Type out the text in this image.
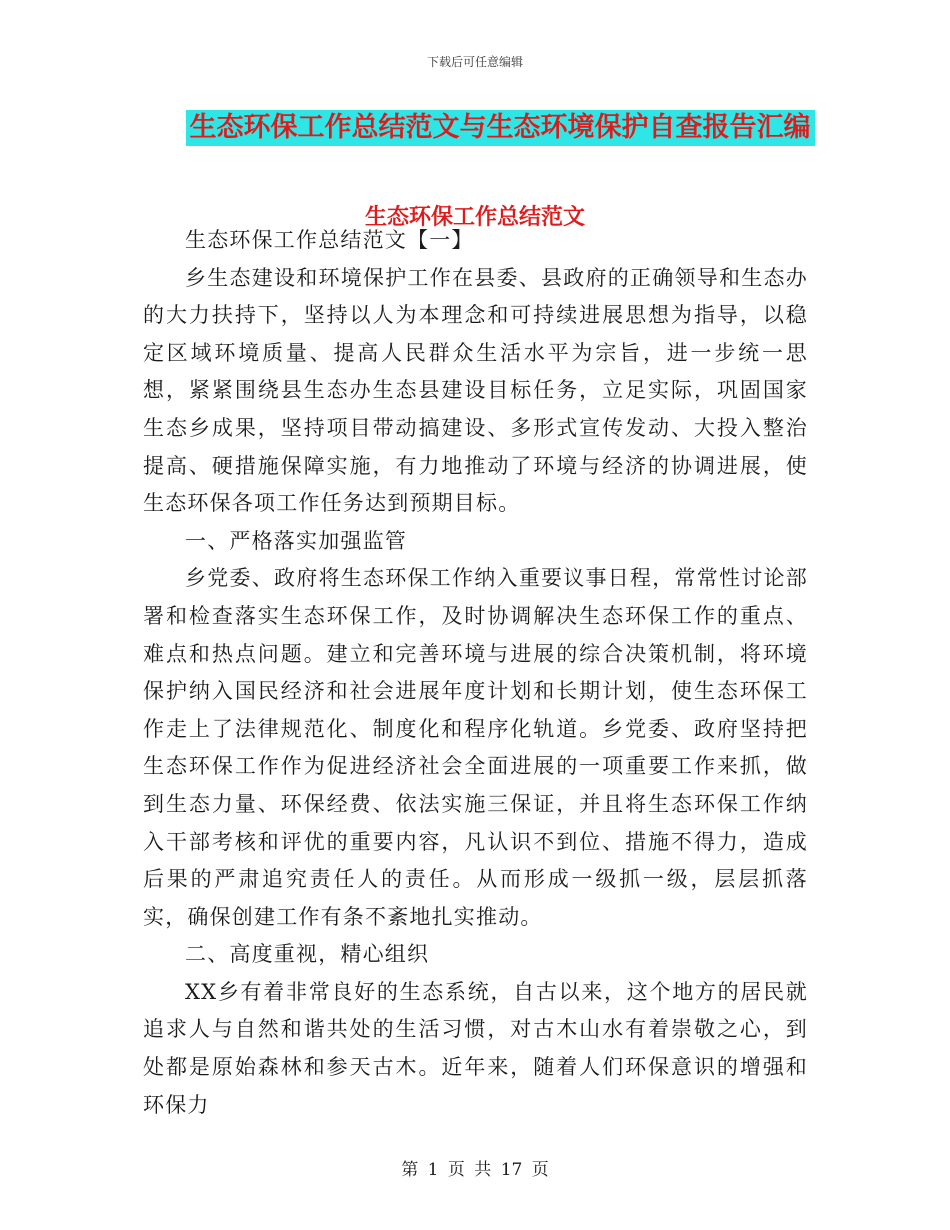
下载后可任意编辑
生态环保工作总结范文与生态环境保护自查报告汇编
生态环保工作总结范文

生态环保工作总结范文【一】

乡生态建设和环境保护工作在县委、县政府的正确领导和生态办的大力扶持下，坚持以人为本理念和可持续进展思想为指导，以稳定区域环境质量、提高人民群众生活水平为宗旨，进一步统一思想，紧紧围绕县生态办生态县建设目标任务，立足实际，巩固国家生态乡成果，坚持项目带动搞建设、多形式宣传发动、大投入整治提高、硬措施保障实施，有力地推动了环境与经济的协调进展，使生态环保各项工作任务达到预期目标。

一、严格落实加强监管

乡党委、政府将生态环保工作纳入重要议事日程，常常性讨论部署和检查落实生态环保工作，及时协调解决生态环保工作的重点、难点和热点问题。建立和完善环境与进展的综合决策机制，将环境保护纳入国民经济和社会进展年度计划和长期计划，使生态环保工作走上了法律规范化、制度化和程序化轨道。乡党委、政府坚持把生态环保工作作为促进经济社会全面进展的一项重要工作来抓，做到生态力量、环保经费、依法实施三保证，并且将生态环保工作纳入干部考核和评优的重要内容，凡认识不到位、措施不得力，造成后果的严肃追究责任人的责任。从而形成一级抓一级，层层抓落实，确保创建工作有条不紊地扎实推动。

二、高度重视，精心组织

XX乡有着非常良好的生态系统，自古以来，这个地方的居民就追求人与自然和谐共处的生活习惯，对古木山水有着崇敬之心，到处都是原始森林和参天古木。近年来，随着人们环保意识的增强和环保力

第 1 页 共 17 页
